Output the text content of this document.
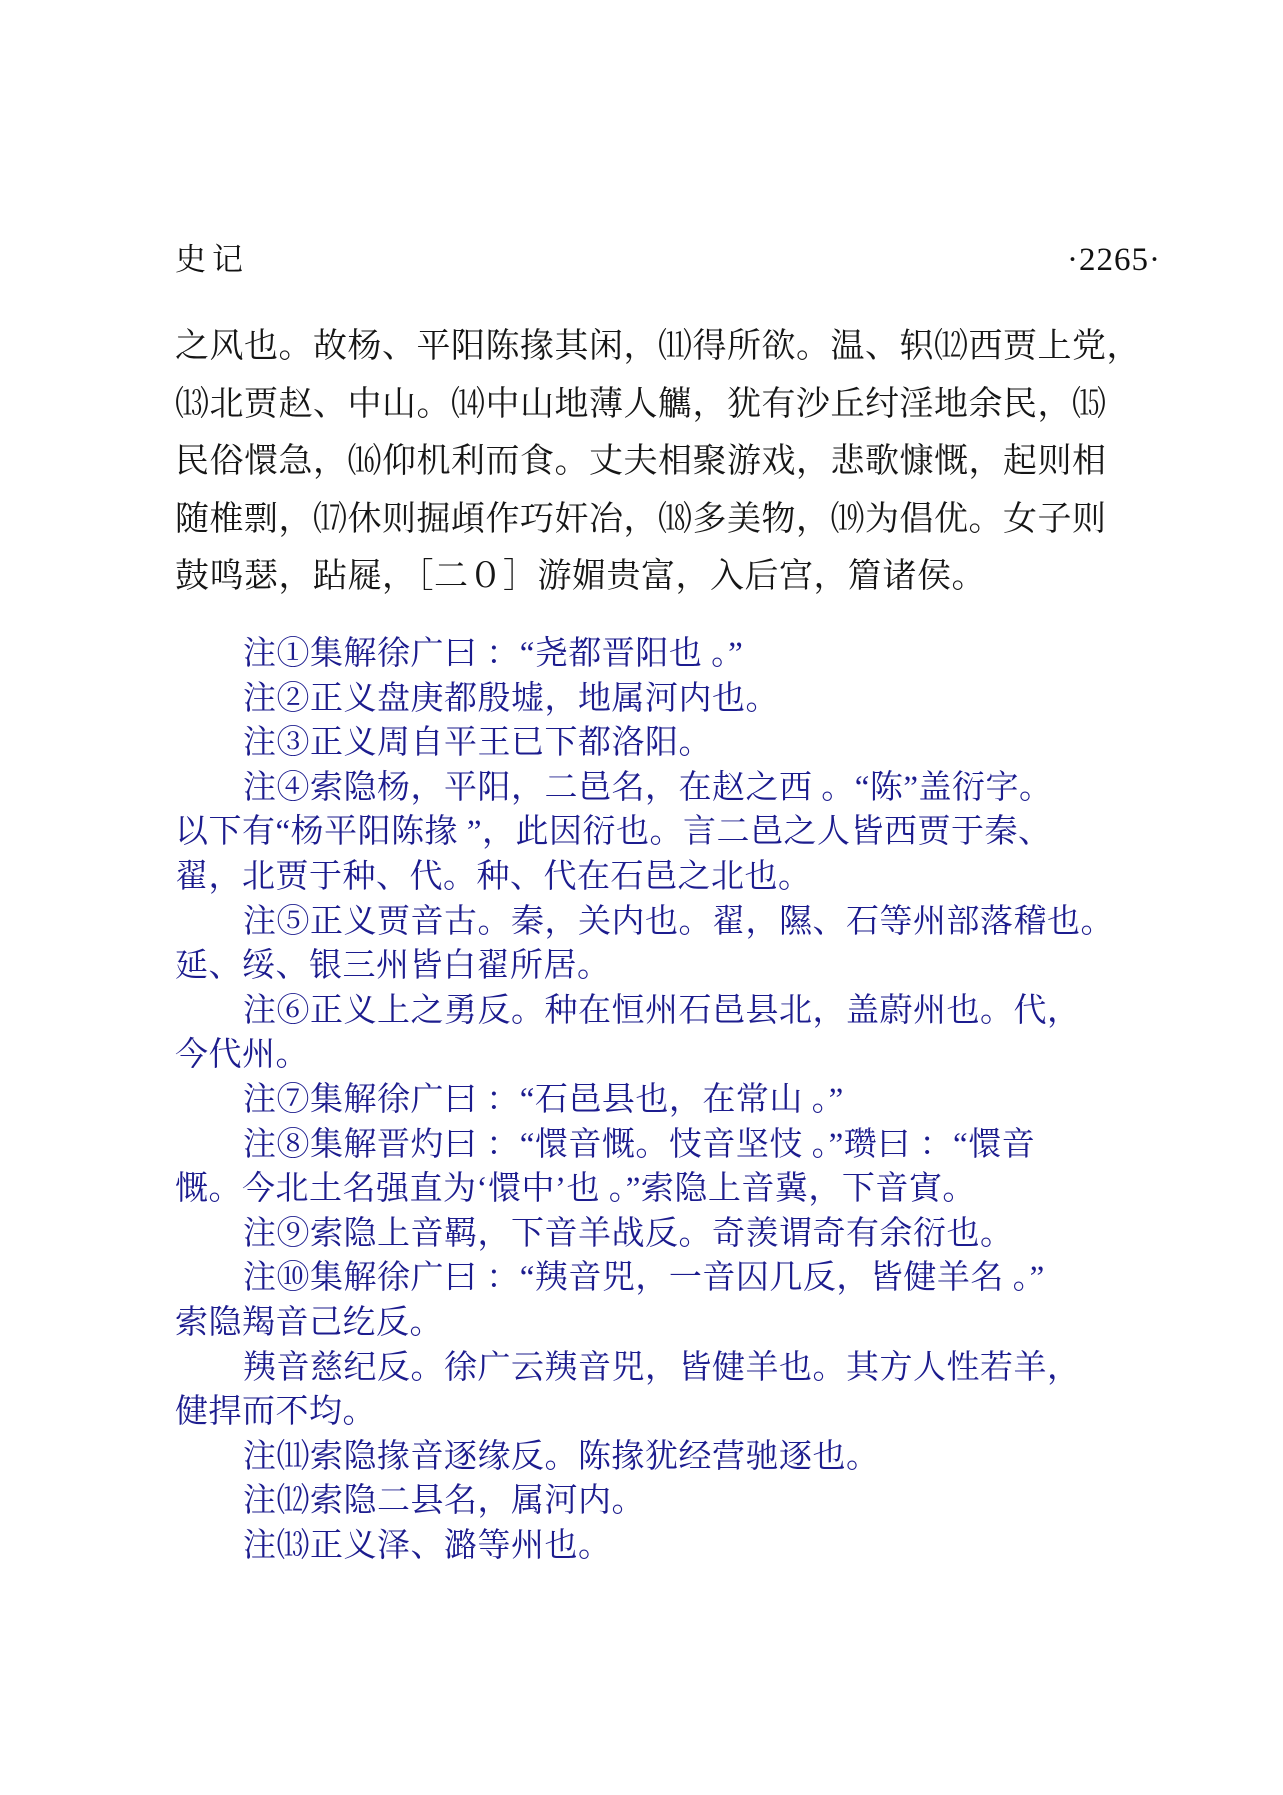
史记	·2265·
之风也。故杨、平阳陈掾其闲，⑾得所欲。温、轵⑿西贾上党，
⒀北贾赵、中山。⒁中山地薄人觽，犹有沙丘纣淫地余民，⒂
民俗懁急，⒃仰机利而食。丈夫相聚游戏，悲歌慷慨，起则相
随椎剽，⒄休则掘頉作巧奸冶，⒅多美物，⒆为倡优。女子则
鼓鸣瑟，跕屣，［二０］游媚贵富，入后宫，篃诸侯。
注①集解徐广曰 ：“尧都晋阳也 。”
注②正义盘庚都殷墟，地属河内也。
注③正义周自平王已下都洛阳。
注④索隐杨，平阳，二邑名，在赵之西 。“陈”盖衍字。
以下有“杨平阳陈掾 ”，此因衍也。言二邑之人皆西贾于秦、
翟，北贾于种、代。种、代在石邑之北也。
注⑤正义贾音古。秦，关内也。翟，隰、石等州部落稽也。
延、绥、银三州皆白翟所居。
注⑥正义上之勇反。种在恒州石邑县北，盖蔚州也。代，
今代州。
注⑦集解徐广曰 ：“石邑县也，在常山 。”
注⑧集解晋灼曰 ：“懁音慨。忮音坚忮 。”瓒曰 ：“懁音
慨。今北土名强直为‘懁中’也 。”索隐上音冀，下音寊。
注⑨索隐上音羁，下音羊战反。奇羡谓奇有余衍也。
注⑩集解徐广曰 ：“羠音兕，一音囚几反，皆健羊名 。”
索隐羯音己纥反。
羠音慈纪反。徐广云羠音兕，皆健羊也。其方人性若羊，
健捍而不均。
注⑾索隐掾音逐缘反。陈掾犹经营驰逐也。
注⑿索隐二县名，属河内。
注⒀正义泽、潞等州也。
